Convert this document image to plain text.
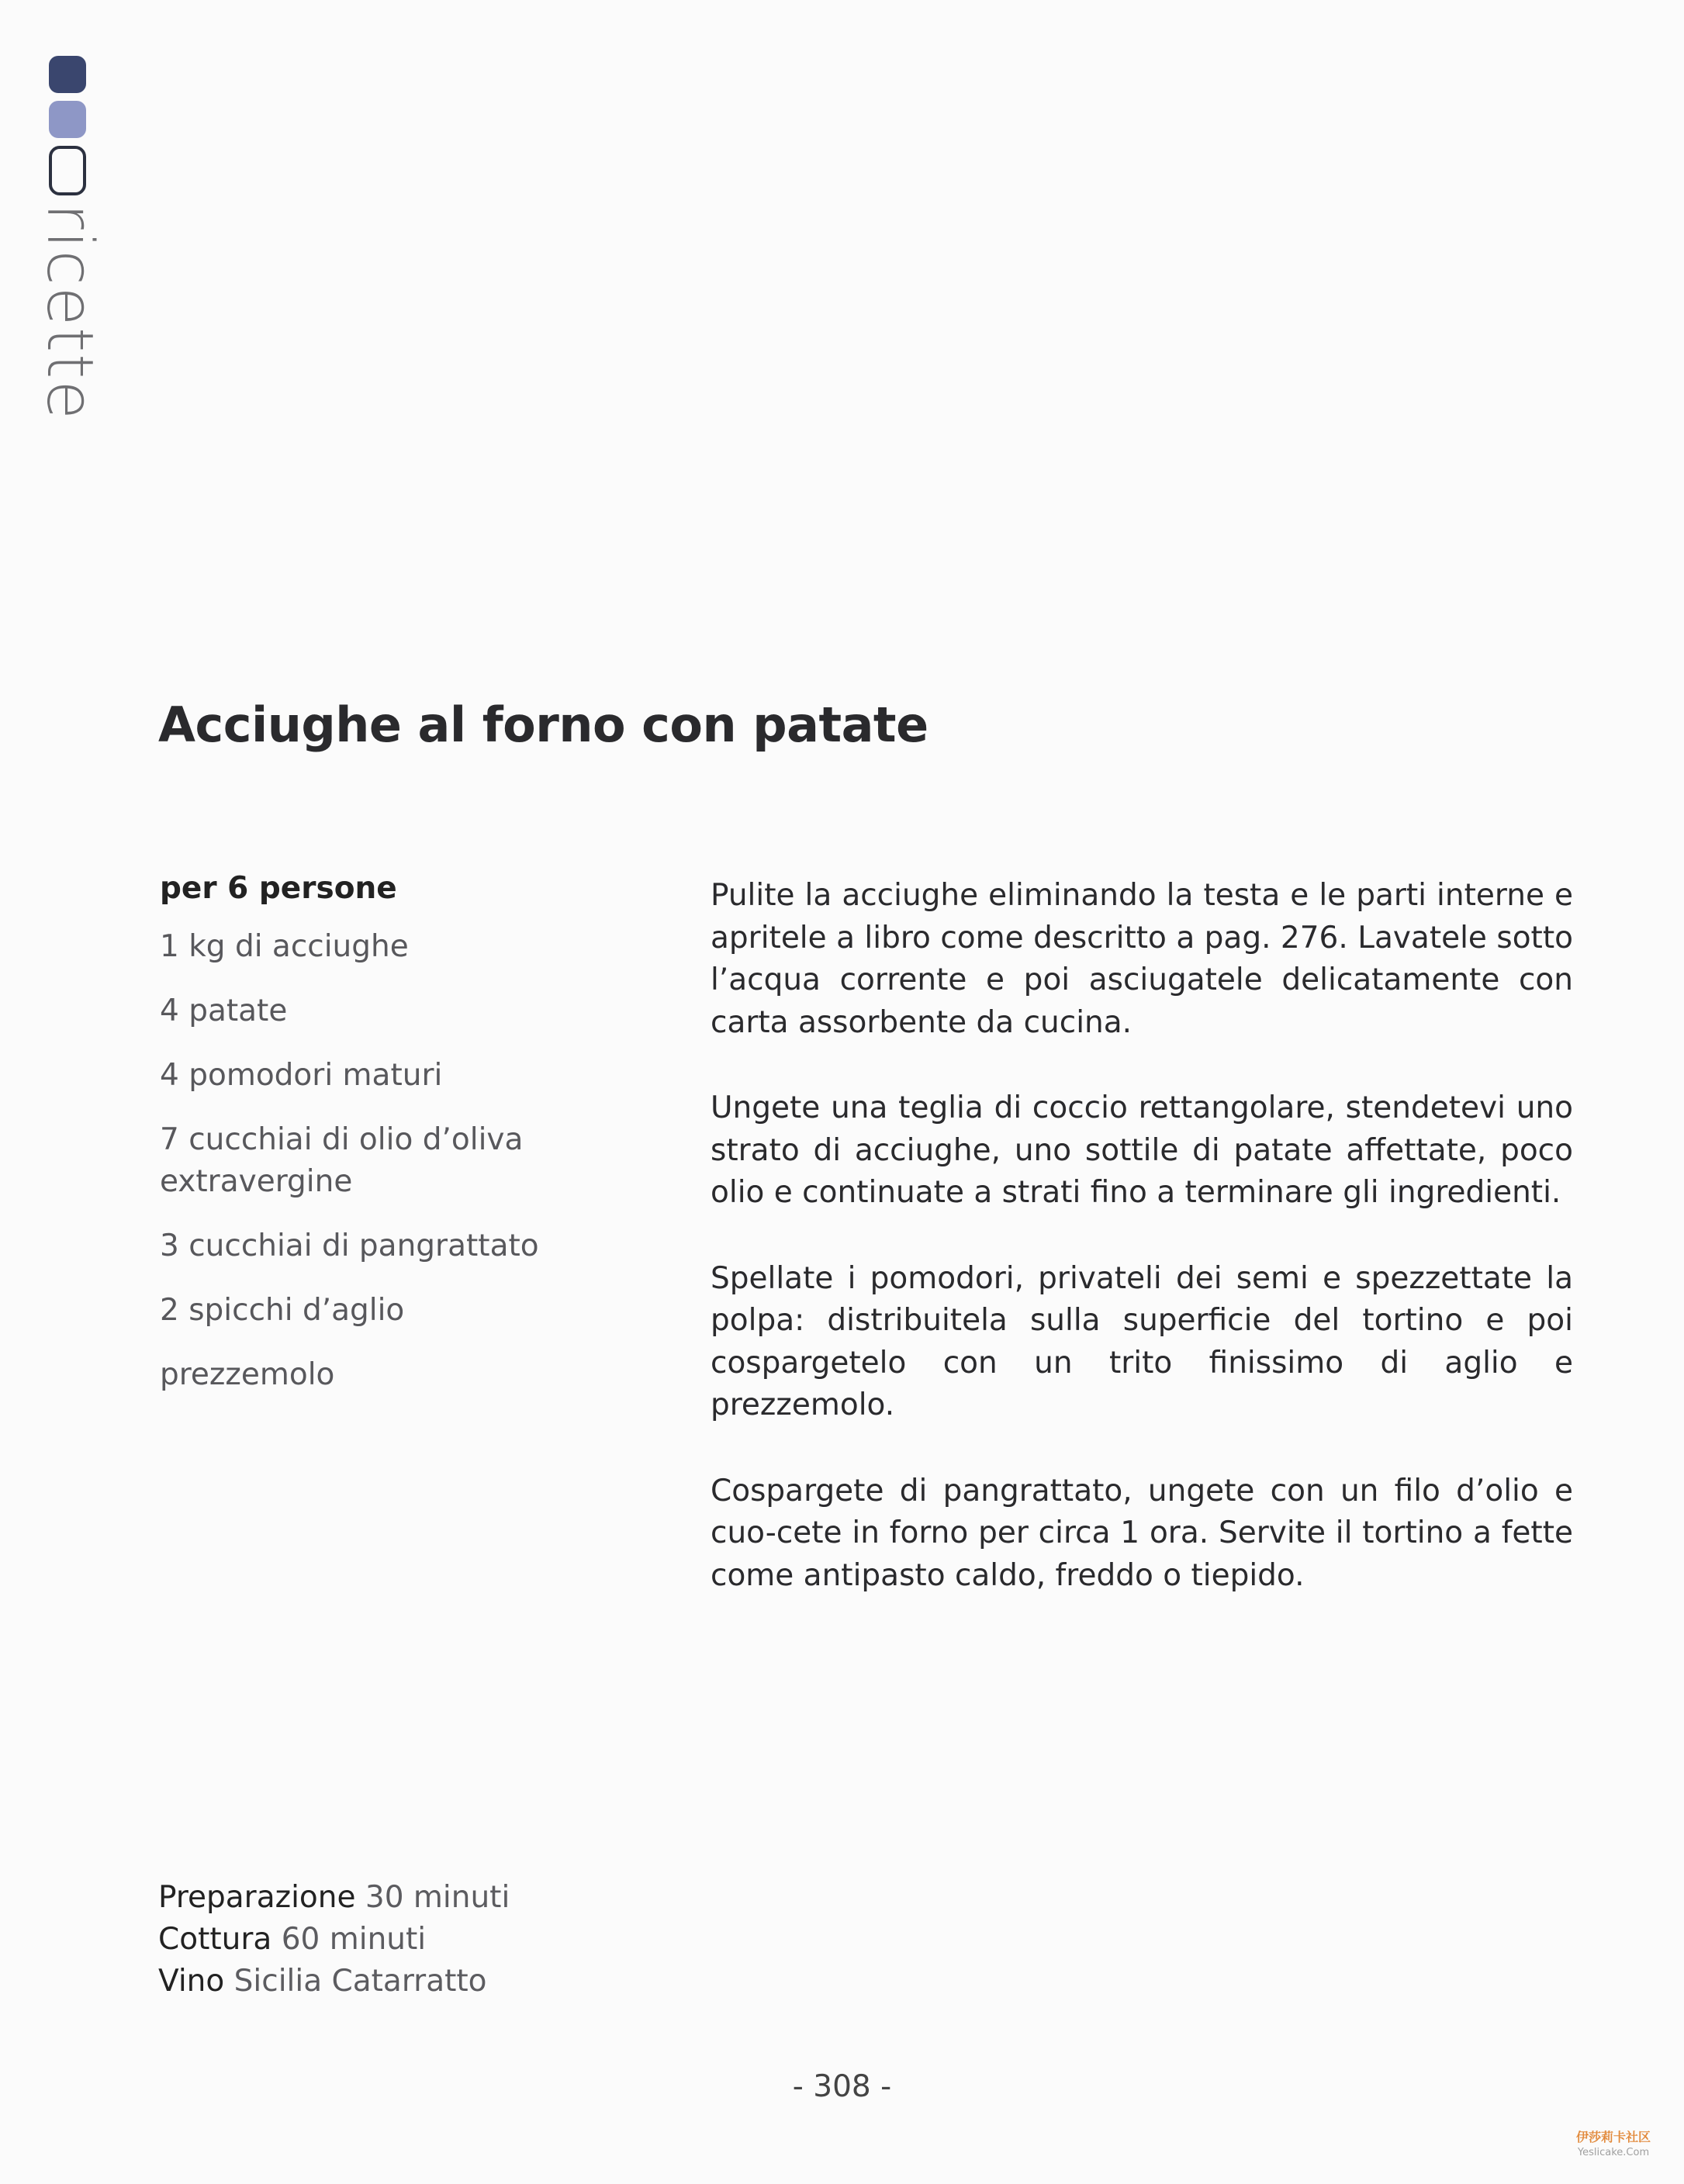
ricette
Acciughe al forno con patate
per 6 persone
1 kg di acciughe
4 patate
4 pomodori maturi
7 cucchiai di olio d’oliva extravergine
3 cucchiai di pangrattato
2 spicchi d’aglio
prezzemolo

Pulite la acciughe eliminando la testa e le parti interne e apritele a libro come descritto a pag. 276. Lavatele sotto l’acqua corrente e poi asciugatele delicatamente con carta assorbente da cucina.

Ungete una teglia di coccio rettangolare, stendetevi uno strato di acciughe, uno sottile di patate affettate, poco olio e continuate a strati fino a terminare gli ingredienti.

Spellate i pomodori, privateli dei semi e spezzettate la polpa: distribuitela sulla superficie del tortino e poi cospargetelo con un trito finissimo di aglio e prezzemolo.

Cospargete di pangrattato, ungete con un filo d’olio e cuo-cete in forno per circa 1 ora. Servite il tortino a fette come antipasto caldo, freddo o tiepido.

Preparazione 30 minuti
Cottura 60 minuti
Vino Sicilia Catarratto
- 308 -
伊莎莉卡社区
Yeslicake.Com
